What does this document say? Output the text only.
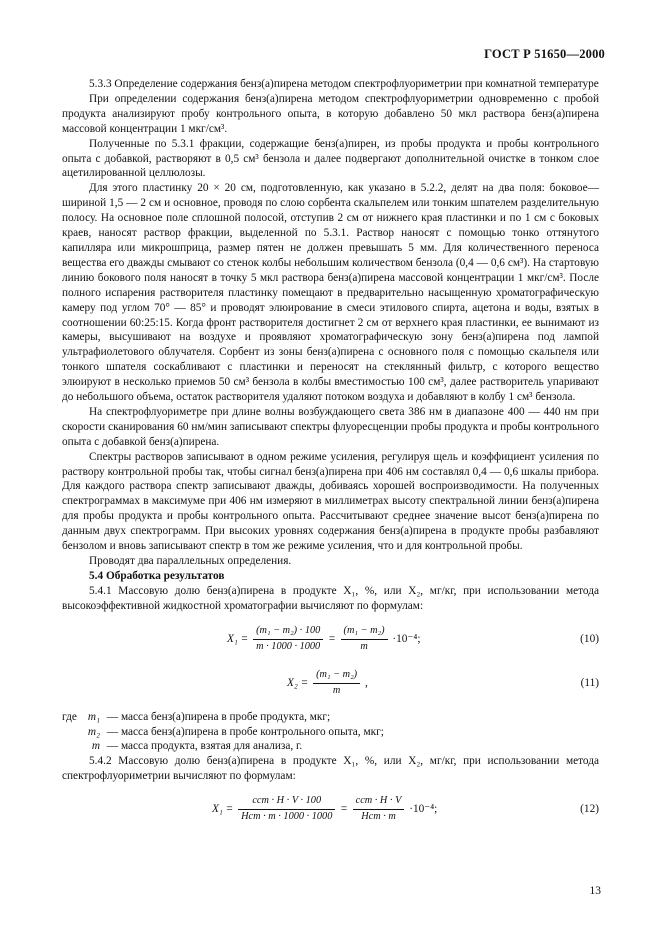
ГОСТ Р 51650—2000

5.3.3 Определение содержания бенз(а)пирена методом спектрофлуориметрии при комнатной температуре

При определении содержания бенз(а)пирена методом спектрофлуориметрии одновременно с пробой продукта анализируют пробу контрольного опыта, в которую добавлено 50 мкл раствора бенз(а)пирена массовой концентрации 1 мкг/см³.

Полученные по 5.3.1 фракции, содержащие бенз(а)пирен, из пробы продукта и пробы контрольного опыта с добавкой, растворяют в 0,5 см³ бензола и далее подвергают дополнительной очистке в тонком слое ацетилированной целлюлозы.

Для этого пластинку 20 × 20 см, подготовленную, как указано в 5.2.2, делят на два поля: боковое— шириной 1,5 — 2 см и основное, проводя по слою сорбента скальпелем или тонким шпателем разделительную полосу. На основное поле сплошной полосой, отступив 2 см от нижнего края пластинки и по 1 см с боковых краев, наносят раствор фракции, выделенной по 5.3.1. Раствор наносят с помощью тонко оттянутого капилляра или микрошприца, размер пятен не должен превышать 5 мм. Для количественного переноса вещества его дважды смывают со стенок колбы небольшим количеством бензола (0,4 — 0,6 см³). На стартовую линию бокового поля наносят в точку 5 мкл раствора бенз(а)пирена массовой концентрации 1 мкг/см³. После полного испарения растворителя пластинку помещают в предварительно насыщенную хроматографическую камеру под углом 70° — 85° и проводят элюирование в смеси этилового спирта, ацетона и воды, взятых в соотношении 60:25:15. Когда фронт растворителя достигнет 2 см от верхнего края пластинки, ее вынимают из камеры, высушивают на воздухе и проявляют хроматографическую зону бенз(а)пирена под лампой ультрафиолетового облучателя. Сорбент из зоны бенз(а)пирена с основного поля с помощью скальпеля или тонкого шпателя соскабливают с пластинки и переносят на стеклянный фильтр, с которого вещество элюируют в несколько приемов 50 см³ бензола в колбы вместимостью 100 см³, далее растворитель упаривают до небольшого объема, остаток растворителя удаляют потоком воздуха и добавляют в колбу 1 см³ бензола.

На спектрофлуориметре при длине волны возбуждающего света 386 нм в диапазоне 400 — 440 нм при скорости сканирования 60 нм/мин записывают спектры флуоресценции пробы продукта и пробы контрольного опыта с добавкой бенз(а)пирена.

Спектры растворов записывают в одном режиме усиления, регулируя щель и коэффициент усиления по раствору контрольной пробы так, чтобы сигнал бенз(а)пирена при 406 нм составлял 0,4 — 0,6 шкалы прибора. Для каждого раствора спектр записывают дважды, добиваясь хорошей воспроизводимости. На полученных спектрограммах в максимуме при 406 нм измеряют в миллиметрах высоту спектральной линии бенз(а)пирена для пробы продукта и пробы контрольного опыта. Рассчитывают среднее значение высот бенз(а)пирена по данным двух спектрограмм. При высоких уровнях содержания бенз(а)пирена в продукте пробы разбавляют бензолом и вновь записывают спектр в том же режиме усиления, что и для контрольной пробы.

Проводят два параллельных определения.

5.4 Обработка результатов

5.4.1 Массовую долю бенз(а)пирена в продукте X₁, %, или X₂, мг/кг, при использовании метода высокоэффективной жидкостной хроматографии вычисляют по формулам:

$X_1 = \frac{\text{(m₁ − m₂) · 100}}{m \cdot 1000 \cdot 1000} = \frac{\text{(m₁ − m₂)}}{m} \cdot 10^{-4}$;	(10)
$X_2 = \frac{\text{(m₁ − m₂)}}{m}$ ,	(11)
где m₁ — масса бенз(а)пирена в пробе продукта, мкг;
m₂ — масса бенз(а)пирена в пробе контрольного опыта, мкг;
m — масса продукта, взятая для анализа, г.

5.4.2 Массовую долю бенз(а)пирена в продукте X₁, %, или X₂, мг/кг, при использовании метода спектрофлуориметрии вычисляют по формулам:

$X_1 = \frac{\text{cст · H · V · 100}}{\text{Hст · m · 1000 · 1000}} = \frac{\text{cст · H · V}}{\text{Hст · m}} \cdot 10^{-4}$;	(12)
13
